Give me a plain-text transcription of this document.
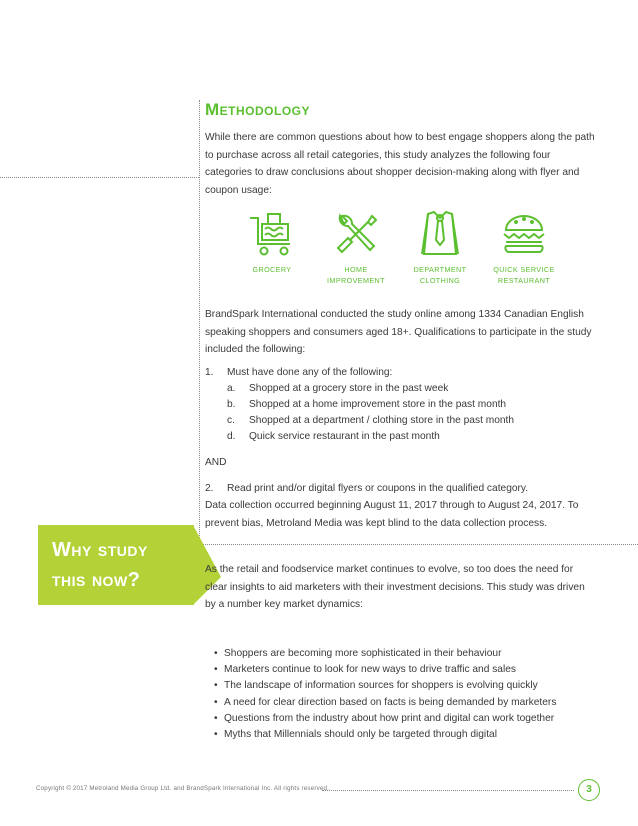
Methodology

While there are common questions about how to best engage shoppers along the path to purchase across all retail categories, this study analyzes the following four categories to draw conclusions about shopper decision-making along with flyer and coupon usage:

GROCERY	HOME
IMPROVEMENT
DEPARTMENT
CLOTHING
QUICK SERVICE
RESTAURANT

BrandSpark International conducted the study online among 1334 Canadian English speaking shoppers and consumers aged 18+. Qualifications to participate in the study included the following:

1. Must have done any of the following:
a. Shopped at a grocery store in the past week
b. Shopped at a home improvement store in the past month
c. Shopped at a department / clothing store in the past month
d. Quick service restaurant in the past month
AND
2. Read print and/or digital flyers or coupons in the qualified category.

Data collection occurred beginning August 11, 2017 through to August 24, 2017. To prevent bias, Metroland Media was kept blind to the data collection process.

Why study
this now?	As the retail and foodservice market continues to evolve, so too does the need for clear insights to aid marketers with their investment decisions. This study was driven by a number key market dynamics:

• Shoppers are becoming more sophisticated in their behaviour
• Marketers continue to look for new ways to drive traffic and sales
• The landscape of information sources for shoppers is evolving quickly
• A need for clear direction based on facts is being demanded by marketers
• Questions from the industry about how print and digital can work together
• Myths that Millennials should only be targeted through digital
Copyright © 2017 Metroland Media Group Ltd. and BrandSpark International Inc. All rights reserved.	3
